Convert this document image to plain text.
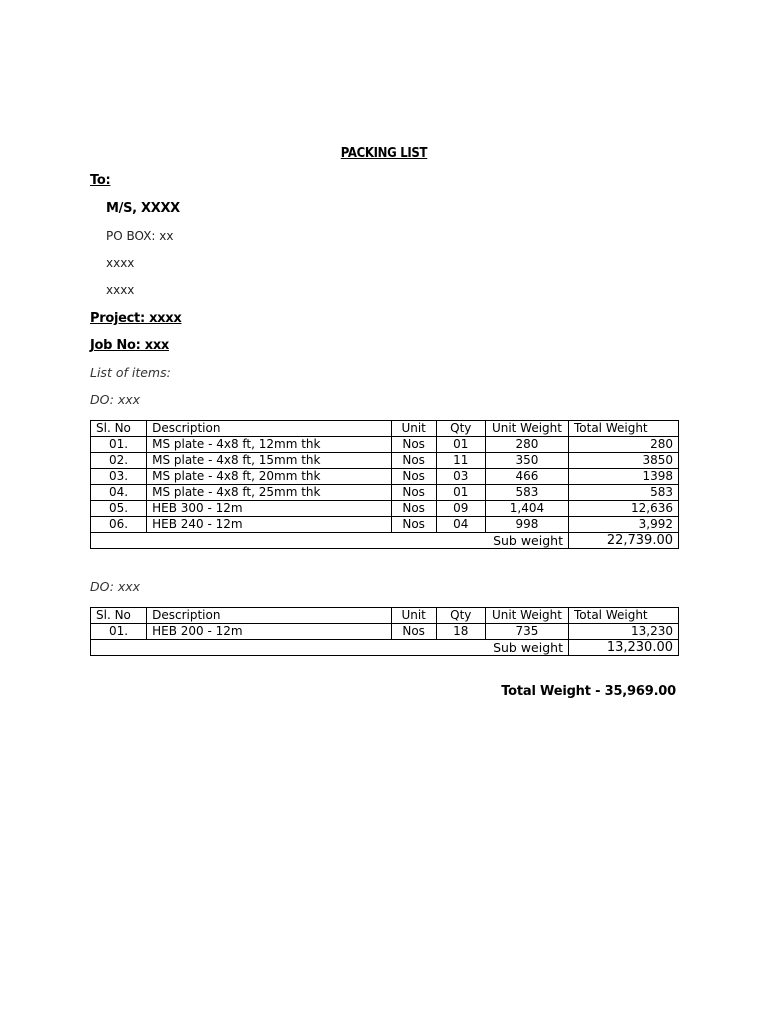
PACKING LIST
To:
M/S, XXXX
PO BOX: xx
xxxx
xxxx
Project: xxxx
Job No: xxx
List of items:
DO: xxx
Sl. No	Description	Unit	Qty	Unit Weight	Total Weight
01.	MS plate - 4x8 ft, 12mm thk	Nos	01	280	280
02.	MS plate - 4x8 ft, 15mm thk	Nos	11	350	3850
03.	MS plate - 4x8 ft, 20mm thk	Nos	03	466	1398
04.	MS plate - 4x8 ft, 25mm thk	Nos	01	583	583
05.	HEB 300 - 12m	Nos	09	1,404	12,636
06.	HEB 240 - 12m	Nos	04	998	3,992
Sub weight					22,739.00
DO: xxx
Sl. No	Description	Unit	Qty	Unit Weight	Total Weight
01.	HEB 200 - 12m	Nos	18	735	13,230
Sub weight					13,230.00
Total Weight - 35,969.00
